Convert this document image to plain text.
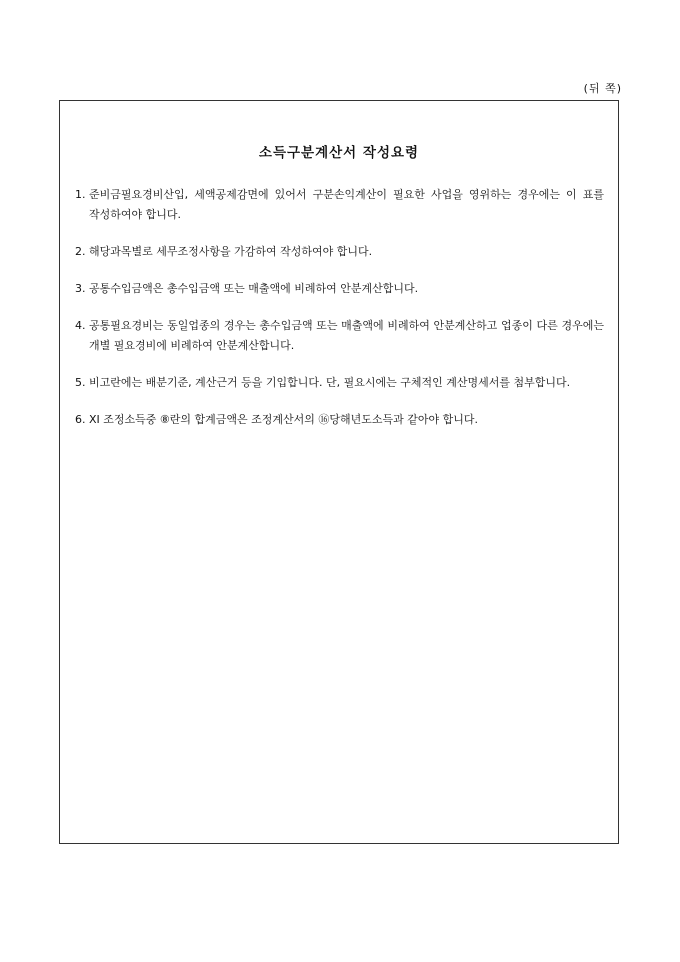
(뒤 쪽)
소득구분계산서 작성요령
1. 준비금필요경비산입, 세액공제감면에 있어서 구분손익계산이 필요한 사업을 영위하는 경우에는 이 표를 작성하여야 합니다.
2. 해당과목별로 세무조정사항을 가감하여 작성하여야 합니다.
3. 공통수입금액은 총수입금액 또는 매출액에 비례하여 안분계산합니다.
4. 공통필요경비는 동일업종의 경우는 총수입금액 또는 매출액에 비례하여 안분계산하고 업종이 다른 경우에는 개별 필요경비에 비례하여 안분계산합니다.
5. 비고란에는 배분기준, 계산근거 등을 기입합니다. 단, 필요시에는 구체적인 계산명세서를 첨부합니다.
6. XI 조정소득중 ⑧란의 합계금액은 조정계산서의 ⑯당해년도소득과 같아야 합니다.
